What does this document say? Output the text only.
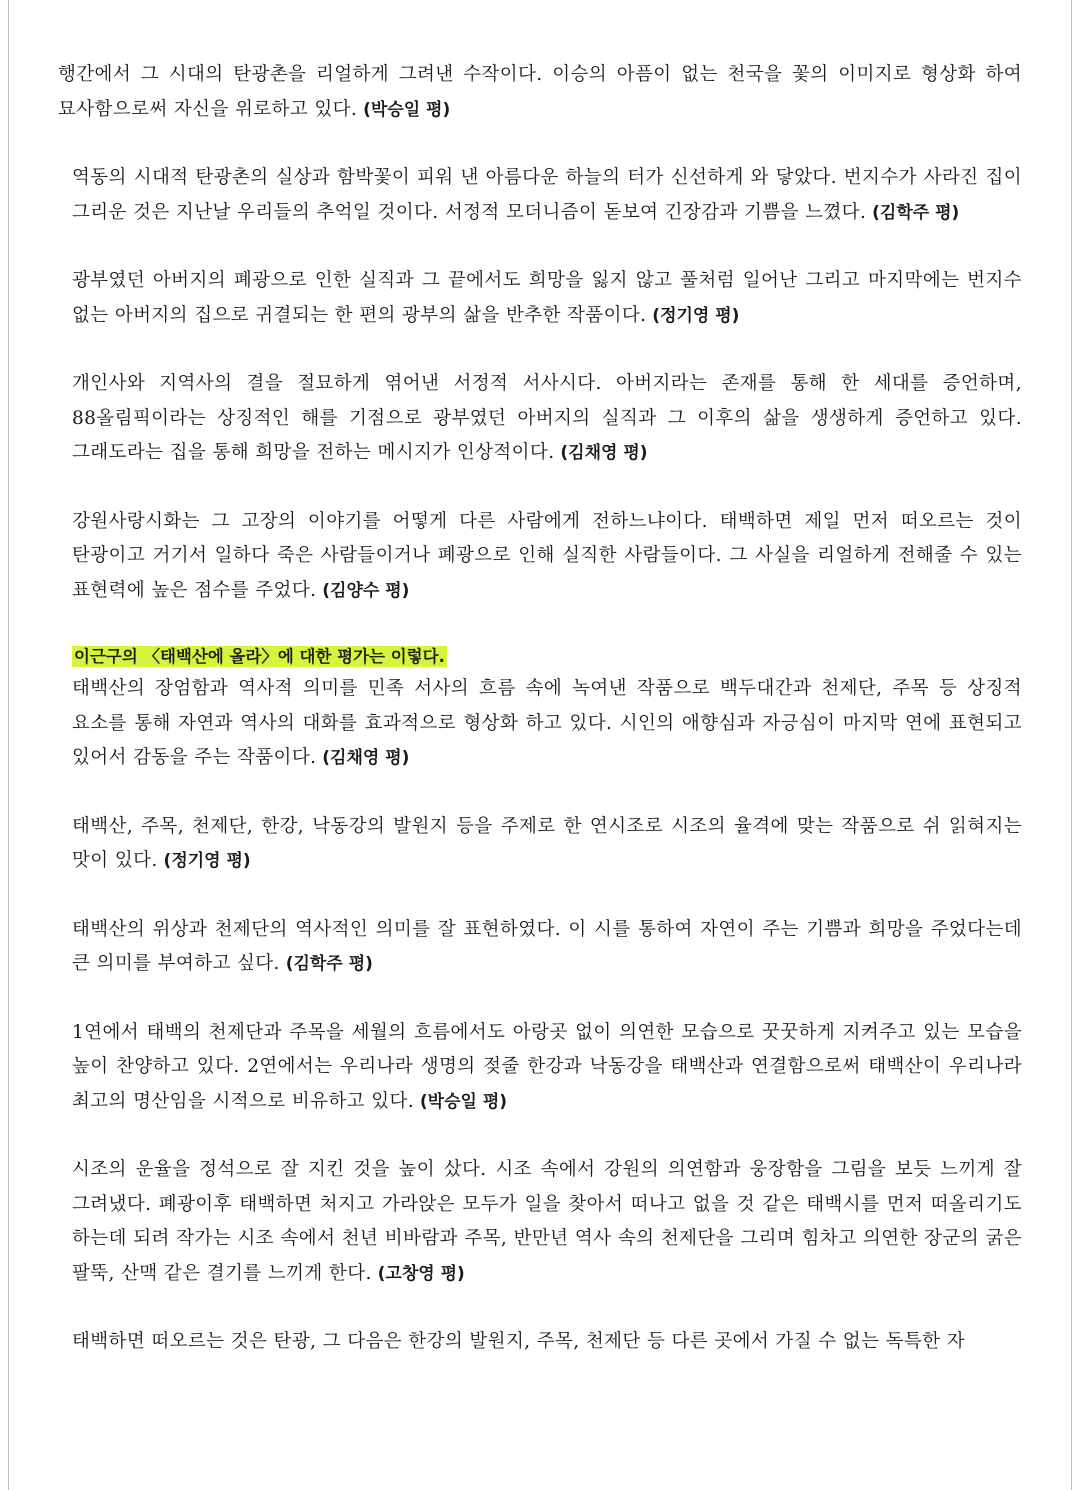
행간에서 그 시대의 탄광촌을 리얼하게 그려낸 수작이다. 이승의 아픔이 없는 천국을 꽃의 이미지로 형상화 하여 묘사함으로써 자신을 위로하고 있다. (박승일 평)

역동의 시대적 탄광촌의 실상과 함박꽃이 피워 낸 아름다운 하늘의 터가 신선하게 와 닿았다. 번지수가 사라진 집이 그리운 것은 지난날 우리들의 추억일 것이다. 서정적 모더니즘이 돋보여 긴장감과 기쁨을 느꼈다. (김학주 평)

광부였던 아버지의 폐광으로 인한 실직과 그 끝에서도 희망을 잃지 않고 풀처럼 일어난 그리고 마지막에는 번지수 없는 아버지의 집으로 귀결되는 한 편의 광부의 삶을 반추한 작품이다. (정기영 평)

개인사와 지역사의 결을 절묘하게 엮어낸 서정적 서사시다. 아버지라는 존재를 통해 한 세대를 증언하며, 88올림픽이라는 상징적인 해를 기점으로 광부였던 아버지의 실직과 그 이후의 삶을 생생하게 증언하고 있다. 그래도라는 집을 통해 희망을 전하는 메시지가 인상적이다. (김채영 평)

강원사랑시화는 그 고장의 이야기를 어떻게 다른 사람에게 전하느냐이다. 태백하면 제일 먼저 떠오르는 것이 탄광이고 거기서 일하다 죽은 사람들이거나 폐광으로 인해 실직한 사람들이다. 그 사실을 리얼하게 전해줄 수 있는 표현력에 높은 점수를 주었다. (김양수 평)

이근구의 〈태백산에 올라〉에 대한 평가는 이렇다.

태백산의 장엄함과 역사적 의미를 민족 서사의 흐름 속에 녹여낸 작품으로 백두대간과 천제단, 주목 등 상징적 요소를 통해 자연과 역사의 대화를 효과적으로 형상화 하고 있다. 시인의 애향심과 자긍심이 마지막 연에 표현되고 있어서 감동을 주는 작품이다. (김채영 평)

태백산, 주목, 천제단, 한강, 낙동강의 발원지 등을 주제로 한 연시조로 시조의 율격에 맞는 작품으로 쉬 읽혀지는 맛이 있다. (정기영 평)

태백산의 위상과 천제단의 역사적인 의미를 잘 표현하였다. 이 시를 통하여 자연이 주는 기쁨과 희망을 주었다는데 큰 의미를 부여하고 싶다. (김학주 평)

1연에서 태백의 천제단과 주목을 세월의 흐름에서도 아랑곳 없이 의연한 모습으로 꿋꿋하게 지켜주고 있는 모습을 높이 찬양하고 있다. 2연에서는 우리나라 생명의 젖줄 한강과 낙동강을 태백산과 연결함으로써 태백산이 우리나라 최고의 명산임을 시적으로 비유하고 있다. (박승일 평)

시조의 운율을 정석으로 잘 지킨 것을 높이 샀다. 시조 속에서 강원의 의연함과 웅장함을 그림을 보듯 느끼게 잘 그려냈다. 폐광이후 태백하면 처지고 가라앉은 모두가 일을 찾아서 떠나고 없을 것 같은 태백시를 먼저 떠올리기도 하는데 되려 작가는 시조 속에서 천년 비바람과 주목, 반만년 역사 속의 천제단을 그리며 힘차고 의연한 장군의 굵은 팔뚝, 산맥 같은 결기를 느끼게 한다. (고창영 평)

태백하면 떠오르는 것은 탄광, 그 다음은 한강의 발원지, 주목, 천제단 등 다른 곳에서 가질 수 없는 독특한 자
